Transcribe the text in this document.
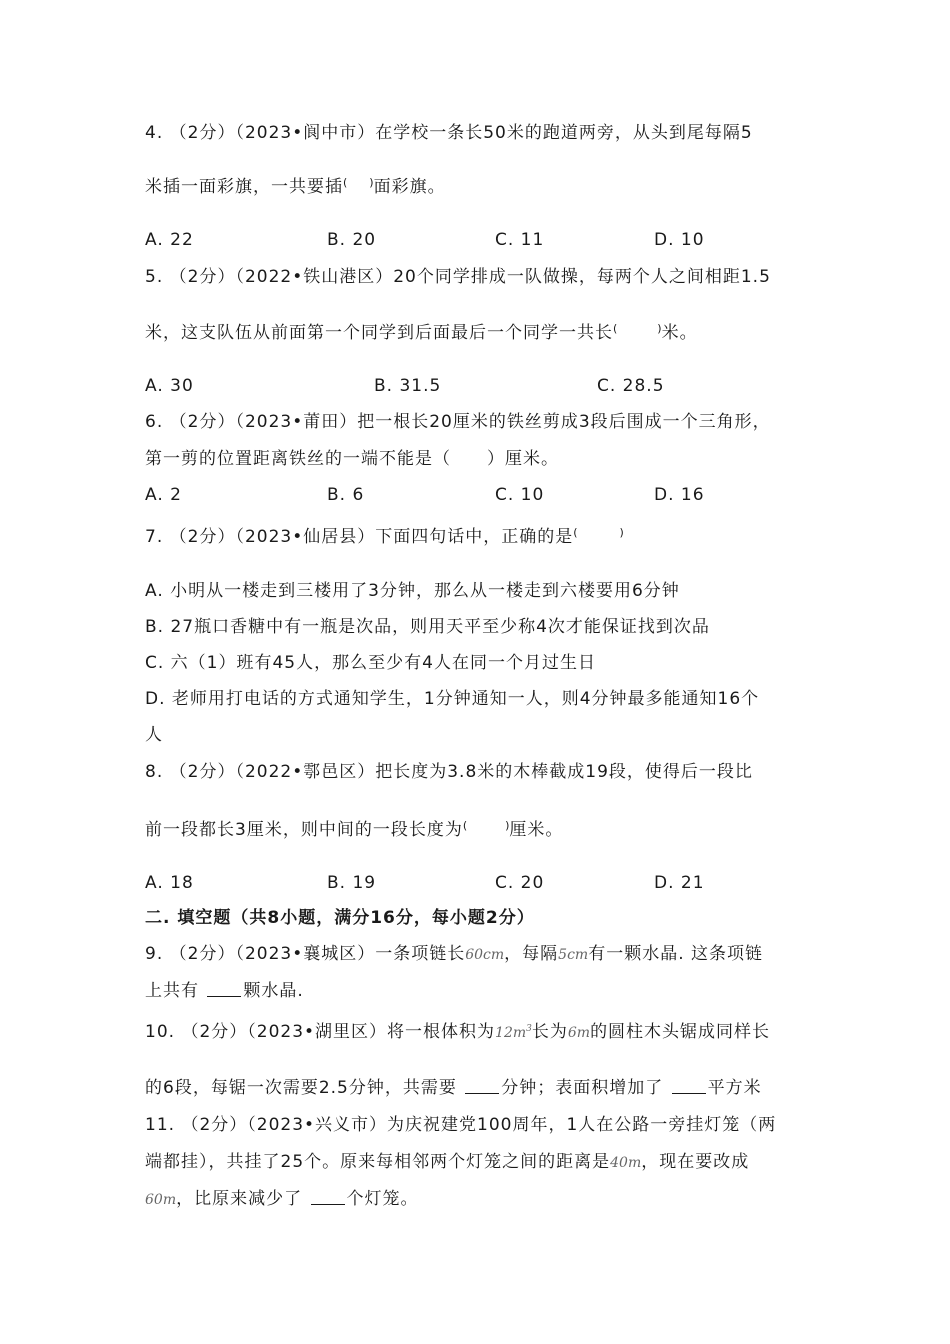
4. （2分）（2023•阆中市）在学校一条长50米的跑道两旁，从头到尾每隔5
米插一面彩旗，一共要插( )面彩旗。
A. 22	B. 20	C. 11	D. 10
5. （2分）（2022•铁山港区）20个同学排成一队做操，每两个人之间相距1.5
米，这支队伍从前面第一个同学到后面最后一个同学一共长(	)米。
A. 30	B. 31.5	C. 28.5
6. （2分）（2023•莆田）把一根长20厘米的铁丝剪成3段后围成一个三角形，
第一剪的位置距离铁丝的一端不能是（　　）厘米。
A. 2	B. 6	C. 10	D. 16
7. （2分）（2023•仙居县）下面四句话中，正确的是(	)
A. 小明从一楼走到三楼用了3分钟，那么从一楼走到六楼要用6分钟
B. 27瓶口香糖中有一瓶是次品，则用天平至少称4次才能保证找到次品
C. 六（1）班有45人，那么至少有4人在同一个月过生日
D. 老师用打电话的方式通知学生，1分钟通知一人，则4分钟最多能通知16个
人
8. （2分）（2022•鄠邑区）把长度为3.8米的木棒截成19段，使得后一段比
前一段都长3厘米，则中间的一段长度为(	)厘米。
A. 18	B. 19	C. 20	D. 21
二. 填空题（共8小题，满分16分，每小题2分）
9. （2分）（2023•襄城区）一条项链长60cm，每隔5cm有一颗水晶. 这条项链
上共有	颗水晶.
10. （2分）（2023•湖里区）将一根体积为$12m^3$长为6m的圆柱木头锯成同样长
的6段，每锯一次需要2.5分钟，共需要	分钟；表面积增加了	平方米
11. （2分）（2023•兴义市）为庆祝建党100周年，1人在公路一旁挂灯笼（两
端都挂），共挂了25个。原来每相邻两个灯笼之间的距离是40m，现在要改成
60m，比原来减少了	个灯笼。
